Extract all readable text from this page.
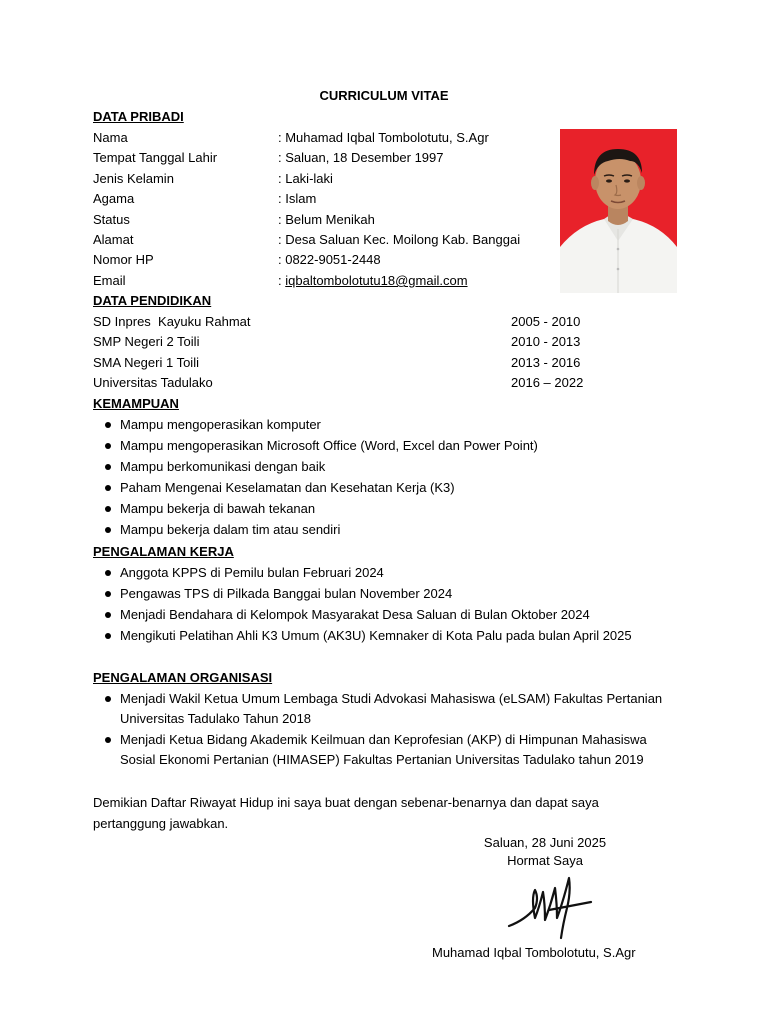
CURRICULUM VITAE
DATA PRIBADI
Nama	: Muhamad Iqbal Tombolotutu, S.Agr
Tempat Tanggal Lahir	: Saluan, 18 Desember 1997
Jenis Kelamin	: Laki-laki
Agama	: Islam
Status	: Belum Menikah
Alamat	: Desa Saluan Kec. Moilong Kab. Banggai
Nomor HP	: 0822-9051-2448
Email	: iqbaltombolotutu18@gmail.com
DATA PENDIDIKAN
SD Inpres  Kayuku Rahmat	2005 - 2010
SMP Negeri 2 Toili	2010 - 2013
SMA Negeri 1 Toili	2013 - 2016
Universitas Tadulako	2016 – 2022
KEMAMPUAN
Mampu mengoperasikan komputer
Mampu mengoperasikan Microsoft Office (Word, Excel dan Power Point)
Mampu berkomunikasi dengan baik
Paham Mengenai Keselamatan dan Kesehatan Kerja (K3)
Mampu bekerja di bawah tekanan
Mampu bekerja dalam tim atau sendiri
PENGALAMAN KERJA
Anggota KPPS di Pemilu bulan Februari 2024
Pengawas TPS di Pilkada Banggai bulan November 2024
Menjadi Bendahara di Kelompok Masyarakat Desa Saluan di Bulan Oktober 2024
Mengikuti Pelatihan Ahli K3 Umum (AK3U) Kemnaker di Kota Palu pada bulan April 2025
PENGALAMAN ORGANISASI
Menjadi Wakil Ketua Umum Lembaga Studi Advokasi Mahasiswa (eLSAM) Fakultas Pertanian Universitas Tadulako Tahun 2018
Menjadi Ketua Bidang Akademik Keilmuan dan Keprofesian (AKP) di Himpunan Mahasiswa Sosial Ekonomi Pertanian (HIMASEP) Fakultas Pertanian Universitas Tadulako tahun 2019
Demikian Daftar Riwayat Hidup ini saya buat dengan sebenar-benarnya dan dapat saya pertanggung jawabkan.
Saluan, 28 Juni 2025
Hormat Saya
Muhamad Iqbal Tombolotutu, S.Agr
